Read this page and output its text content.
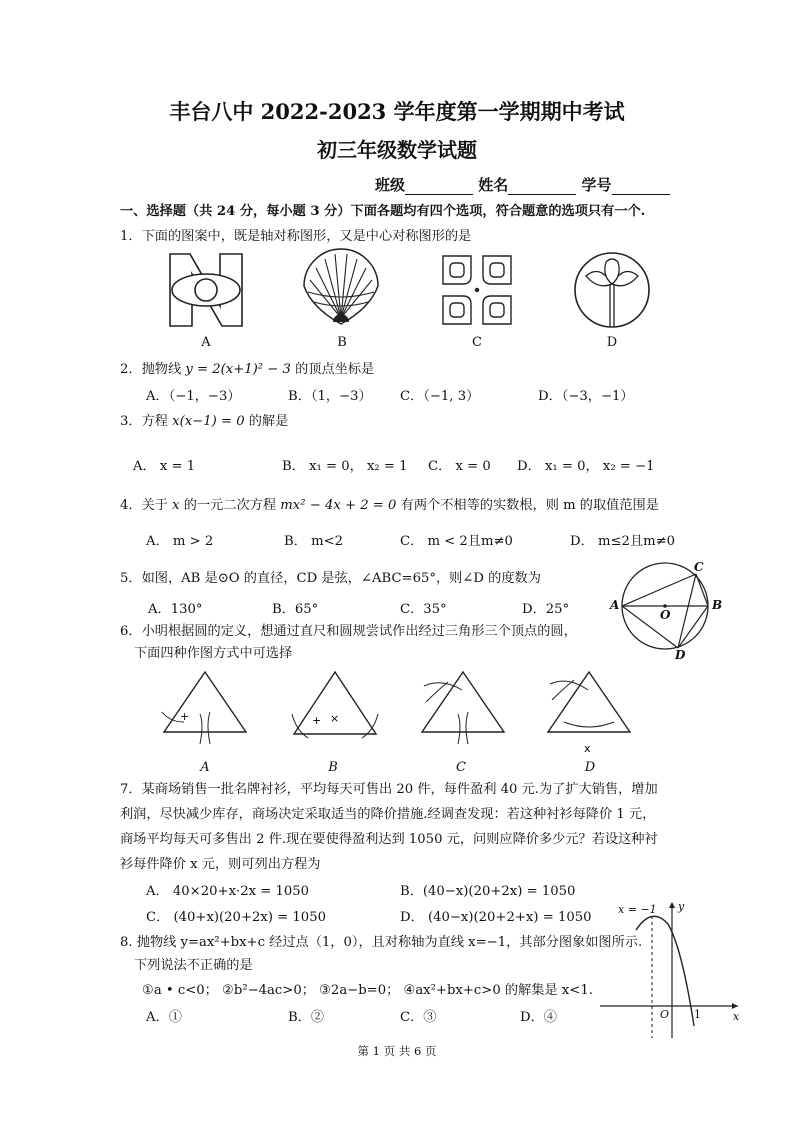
丰台八中 2022-2023 学年度第一学期期中考试
初三年级数学试题
班级	姓名	学号
一、选择题（共 24 分，每小题 3 分）下面各题均有四个选项，符合题意的选项只有一个.
1．下面的图案中，既是轴对称图形，又是中心对称图形的是
A	B	C	D
2．抛物线 y = 2(x+1)² − 3 的顶点坐标是
A．（−1，−3）	B．（1，−3） C．（−1, 3）	D．（−3，−1）
3．方程 x(x−1) = 0 的解是
A． x = 1	B． x₁ = 0， x₂ = 1 C． x = 0 D． x₁ = 0， x₂ = −1
4．关于 x 的一元二次方程 mx² − 4x + 2 = 0 有两个不相等的实数根，则 m 的取值范围是
A． m > 2	B． m<2	C． m < 2且m≠0	D． m≤2且m≠0
5．如图，AB 是⊙O 的直径，CD 是弦，∠ABC=65°，则∠D 的度数为
A．130°	B．65°	C．35°	D．25°	A	B
C
D
O
6．小明根据圆的定义，想通过直尺和圆规尝试作出经过三角形三个顶点的圆，
下面四种作图方式中可选择
+	+ ×
x
A	B	C	D
7．某商场销售一批名牌衬衫，平均每天可售出 20 件，每件盈利 40 元.为了扩大销售，增加
利润，尽快减少库存，商场决定采取适当的降价措施.经调查发现：若这种衬衫每降价 1 元，
商场平均每天可多售出 2 件.现在要使得盈利达到 1050 元，问则应降价多少元？若设这种衬
衫每件降价 x 元，则可列出方程为
A． 40×20+x·2x = 1050	B．(40−x)(20+2x) = 1050
C． (40+x)(20+2x) = 1050	D． (40−x)(20+2+x) = 1050
8. 抛物线 y=ax²+bx+c 经过点（1，0），且对称轴为直线 x=−1，其部分图象如图所示.
下列说法不正确的是
①a • c<0； ②b²−4ac>0； ③2a−b=0； ④ax²+bx+c>0 的解集是 x<1.
A．①	B．②	C．③	D．④
x = −1 y
x
O 1
第 1 页 共 6 页
